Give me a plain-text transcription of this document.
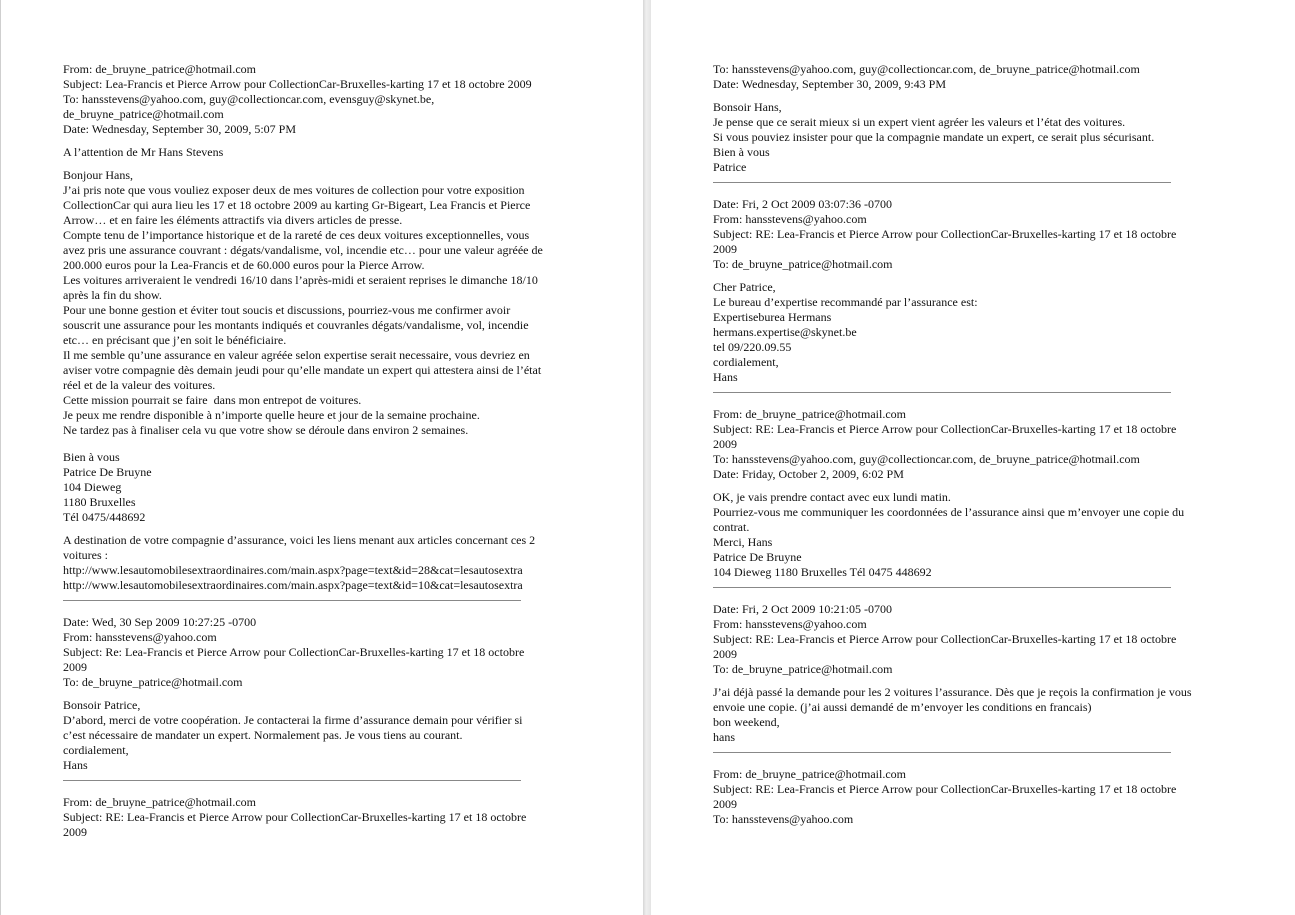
From: de_bruyne_patrice@hotmail.com
Subject: Lea-Francis et Pierce Arrow pour CollectionCar-Bruxelles-karting 17 et 18 octobre 2009
To: hansstevens@yahoo.com, guy@collectioncar.com, evensguy@skynet.be,
de_bruyne_patrice@hotmail.com
Date: Wednesday, September 30, 2009, 5:07 PM
A l’attention de Mr Hans Stevens
Bonjour Hans,
J’ai pris note que vous vouliez exposer deux de mes voitures de collection pour votre exposition
CollectionCar qui aura lieu les 17 et 18 octobre 2009 au karting Gr-Bigeart, Lea Francis et Pierce
Arrow… et en faire les éléments attractifs via divers articles de presse.
Compte tenu de l’importance historique et de la rareté de ces deux voitures exceptionnelles, vous
avez pris une assurance couvrant : dégats/vandalisme, vol, incendie etc… pour une valeur agréée de
200.000 euros pour la Lea-Francis et de 60.000 euros pour la Pierce Arrow.
Les voitures arriveraient le vendredi 16/10 dans l’après-midi et seraient reprises le dimanche 18/10
après la fin du show.
Pour une bonne gestion et éviter tout soucis et discussions, pourriez-vous me confirmer avoir
souscrit une assurance pour les montants indiqués et couvranles dégats/vandalisme, vol, incendie
etc… en précisant que j’en soit le bénéficiaire.
Il me semble qu’une assurance en valeur agréée selon expertise serait necessaire, vous devriez en
aviser votre compagnie dès demain jeudi pour qu’elle mandate un expert qui attestera ainsi de l’état
réel et de la valeur des voitures.
Cette mission pourrait se faire  dans mon entrepot de voitures.
Je peux me rendre disponible à n’importe quelle heure et jour de la semaine prochaine.
Ne tardez pas à finaliser cela vu que votre show se déroule dans environ 2 semaines.
Bien à vous
Patrice De Bruyne
104 Dieweg
1180 Bruxelles
Tél 0475/448692
A destination de votre compagnie d’assurance, voici les liens menant aux articles concernant ces 2
voitures :
http://www.lesautomobilesextraordinaires.com/main.aspx?page=text&id=28&cat=lesautosextra
http://www.lesautomobilesextraordinaires.com/main.aspx?page=text&id=10&cat=lesautosextra
Date: Wed, 30 Sep 2009 10:27:25 -0700
From: hansstevens@yahoo.com
Subject: Re: Lea-Francis et Pierce Arrow pour CollectionCar-Bruxelles-karting 17 et 18 octobre
2009
To: de_bruyne_patrice@hotmail.com
Bonsoir Patrice,
D’abord, merci de votre coopération. Je contacterai la firme d’assurance demain pour vérifier si
c’est nécessaire de mandater un expert. Normalement pas. Je vous tiens au courant.
cordialement,
Hans
From: de_bruyne_patrice@hotmail.com
Subject: RE: Lea-Francis et Pierce Arrow pour CollectionCar-Bruxelles-karting 17 et 18 octobre
2009
To: hansstevens@yahoo.com, guy@collectioncar.com, de_bruyne_patrice@hotmail.com
Date: Wednesday, September 30, 2009, 9:43 PM
Bonsoir Hans,
Je pense que ce serait mieux si un expert vient agréer les valeurs et l’état des voitures.
Si vous pouviez insister pour que la compagnie mandate un expert, ce serait plus sécurisant.
Bien à vous
Patrice
Date: Fri, 2 Oct 2009 03:07:36 -0700
From: hansstevens@yahoo.com
Subject: RE: Lea-Francis et Pierce Arrow pour CollectionCar-Bruxelles-karting 17 et 18 octobre
2009
To: de_bruyne_patrice@hotmail.com
Cher Patrice,
Le bureau d’expertise recommandé par l’assurance est:
Expertiseburea Hermans
hermans.expertise@skynet.be
tel 09/220.09.55
cordialement,
Hans
From: de_bruyne_patrice@hotmail.com
Subject: RE: Lea-Francis et Pierce Arrow pour CollectionCar-Bruxelles-karting 17 et 18 octobre
2009
To: hansstevens@yahoo.com, guy@collectioncar.com, de_bruyne_patrice@hotmail.com
Date: Friday, October 2, 2009, 6:02 PM
OK, je vais prendre contact avec eux lundi matin.
Pourriez-vous me communiquer les coordonnées de l’assurance ainsi que m’envoyer une copie du
contrat.
Merci, Hans
Patrice De Bruyne
104 Dieweg 1180 Bruxelles Tél 0475 448692
Date: Fri, 2 Oct 2009 10:21:05 -0700
From: hansstevens@yahoo.com
Subject: RE: Lea-Francis et Pierce Arrow pour CollectionCar-Bruxelles-karting 17 et 18 octobre
2009
To: de_bruyne_patrice@hotmail.com
J’ai déjà passé la demande pour les 2 voitures l’assurance. Dès que je reçois la confirmation je vous
envoie une copie. (j’ai aussi demandé de m’envoyer les conditions en francais)
bon weekend,
hans
From: de_bruyne_patrice@hotmail.com
Subject: RE: Lea-Francis et Pierce Arrow pour CollectionCar-Bruxelles-karting 17 et 18 octobre
2009
To: hansstevens@yahoo.com
